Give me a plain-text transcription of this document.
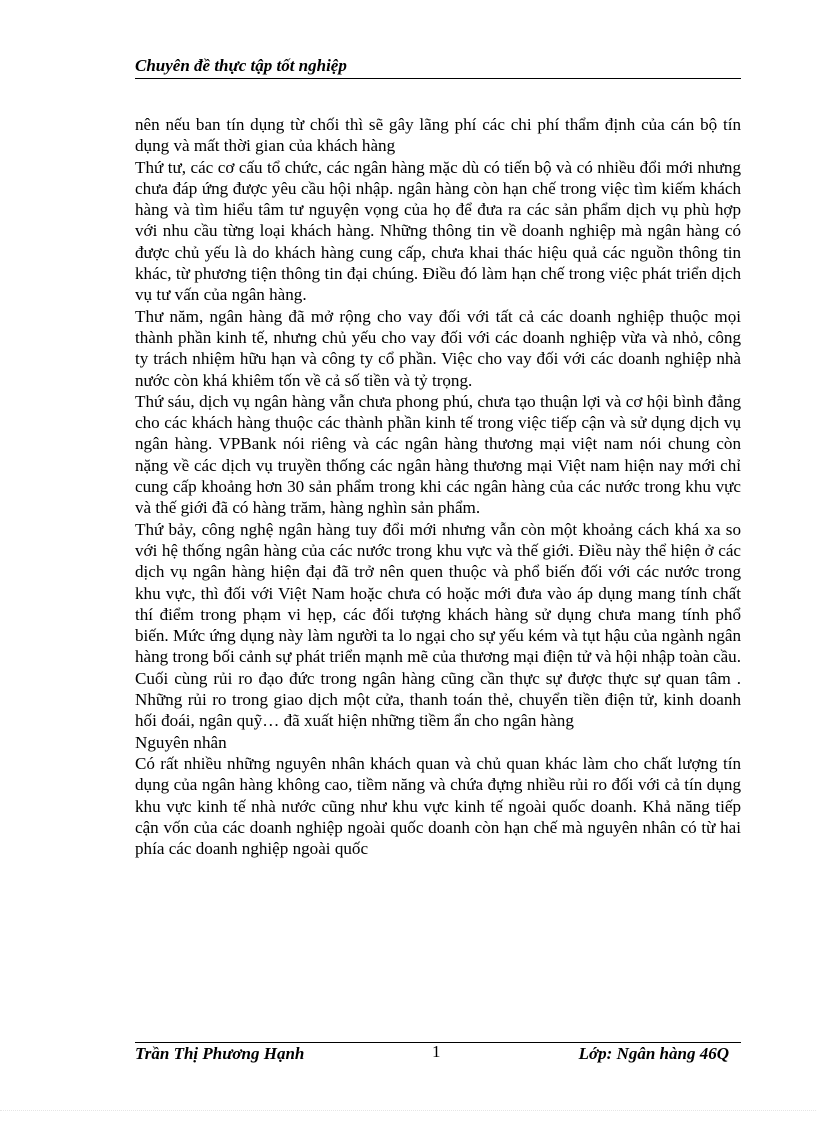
Chuyên đề thực tập tốt nghiệp

nên nếu ban tín dụng từ chối thì sẽ gây lãng phí các chi phí thẩm định của cán bộ tín dụng và mất thời gian của khách hàng

Thứ tư, các cơ cấu tổ chức, các ngân hàng mặc dù có tiến bộ và có nhiều đổi mới nhưng chưa đáp ứng được yêu cầu hội nhập. ngân hàng còn hạn chế trong việc tìm kiếm khách hàng và tìm hiểu tâm tư nguyện vọng của họ để đưa ra các sản phẩm dịch vụ phù hợp với nhu cầu từng loại khách hàng. Những thông tin về doanh nghiệp mà ngân hàng có được chủ yếu là do khách hàng cung cấp, chưa khai thác hiệu quả các nguồn thông tin khác, từ phương tiện thông tin đại chúng. Điều đó làm hạn chế trong việc phát triển dịch vụ tư vấn của ngân hàng.

Thư năm, ngân hàng đã mở rộng cho vay đối với tất cả các doanh nghiệp thuộc mọi thành phần kinh tế, nhưng chủ yếu cho vay đối với các doanh nghiệp vừa và nhỏ, công ty trách nhiệm hữu hạn và công ty cổ phần. Việc cho vay đối với các doanh nghiệp nhà nước còn khá khiêm tốn về cả số tiền và tỷ trọng.

Thứ sáu, dịch vụ ngân hàng vẫn chưa phong phú, chưa tạo thuận lợi và cơ hội bình đẳng cho các khách hàng thuộc các thành phần kinh tế trong việc tiếp cận và sử dụng dịch vụ ngân hàng. VPBank nói riêng và các ngân hàng thương mại việt nam nói chung còn nặng về các dịch vụ truyền thống các ngân hàng thương mại Việt nam hiện nay mới chỉ cung cấp khoảng hơn 30 sản phẩm trong khi các ngân hàng của các nước trong khu vực và thế giới đã có hàng trăm, hàng nghìn sản phẩm.

Thứ bảy, công nghệ ngân hàng tuy đổi mới nhưng vẫn còn một khoảng cách khá xa so với hệ thống ngân hàng của các nước trong khu vực và thế giới. Điều này thể hiện ở các dịch vụ ngân hàng hiện đại đã trở nên quen thuộc và phổ biến đối với các nước trong khu vực, thì đối với Việt Nam hoặc chưa có hoặc mới đưa vào áp dụng mang tính chất thí điểm trong phạm vi hẹp, các đối tượng khách hàng sử dụng chưa mang tính phổ biến. Mức ứng dụng này làm người ta lo ngại cho sự yếu kém và tụt hậu của ngành ngân hàng trong bối cảnh sự phát triển mạnh mẽ của thương mại điện tử và hội nhập toàn cầu.

Cuối cùng rủi ro đạo đức trong ngân hàng cũng cần thực sự được thực sự quan tâm . Những rủi ro trong giao dịch một cửa, thanh toán thẻ, chuyển tiền điện tử, kinh doanh hối đoái, ngân quỹ… đã xuất hiện những tiềm ẩn cho ngân hàng

Nguyên nhân

Có rất nhiều những nguyên nhân khách quan và chủ quan khác làm cho chất lượng tín dụng của ngân hàng không cao, tiềm năng và chứa đựng nhiều rủi ro đối với cả tín dụng khu vực kinh tế nhà nước cũng như khu vực kinh tế ngoài quốc doanh. Khả năng tiếp cận vốn của các doanh nghiệp ngoài quốc doanh còn hạn chế mà nguyên nhân có từ hai phía các doanh nghiệp ngoài quốc

Trần Thị Phương Hạnh	1	Lớp: Ngân hàng 46Q
